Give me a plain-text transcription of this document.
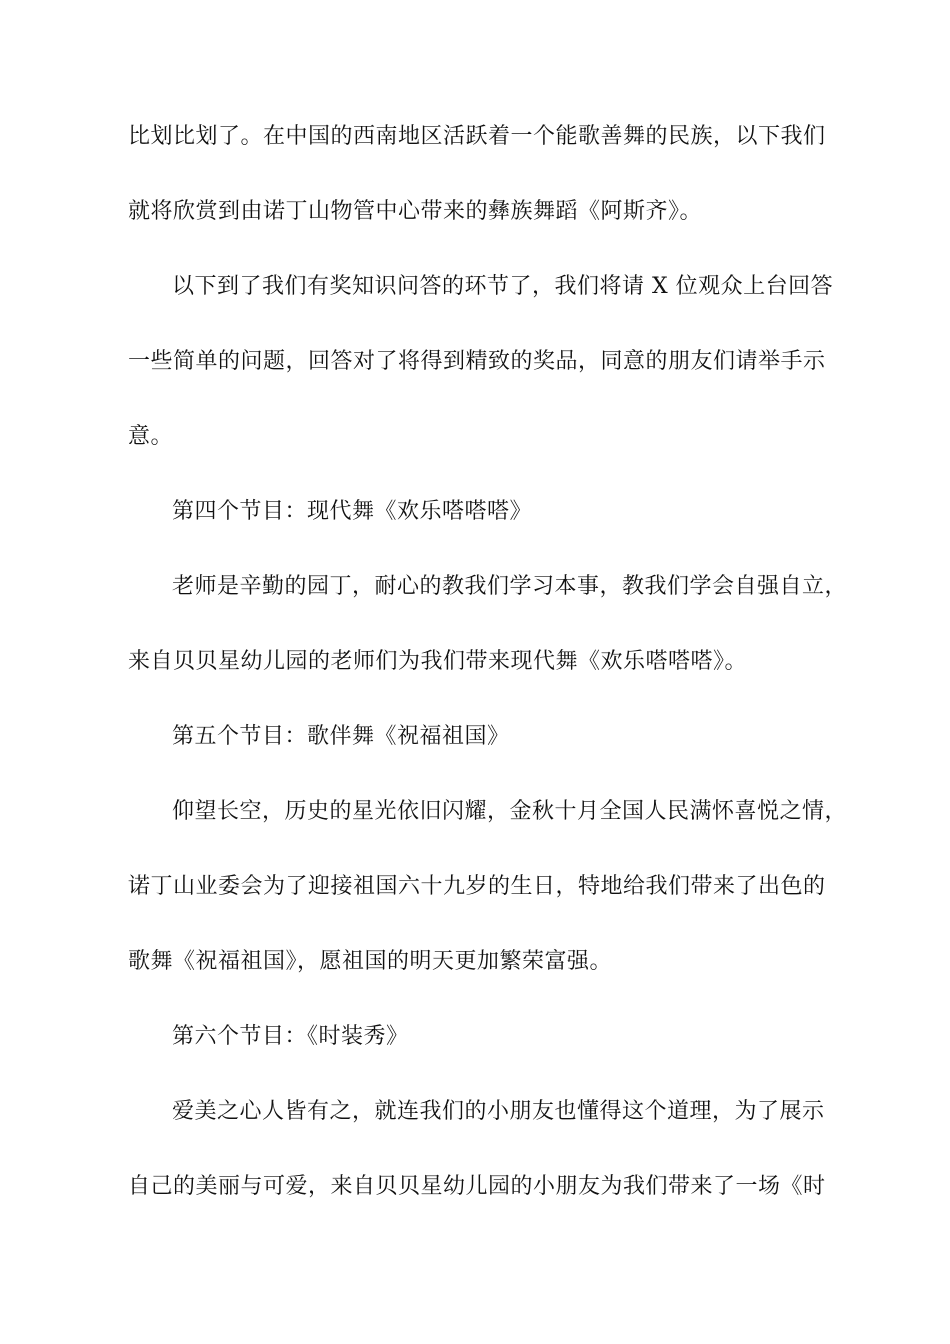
比划比划了。在中国的西南地区活跃着一个能歌善舞的民族，以下我们
就将欣赏到由诺丁山物管中心带来的彝族舞蹈《阿斯齐》。
以下到了我们有奖知识问答的环节了，我们将请 X 位观众上台回答
一些简单的问题，回答对了将得到精致的奖品，同意的朋友们请举手示
意。
第四个节目：现代舞《欢乐嗒嗒嗒》
老师是辛勤的园丁，耐心的教我们学习本事，教我们学会自强自立，
来自贝贝星幼儿园的老师们为我们带来现代舞《欢乐嗒嗒嗒》。
第五个节目：歌伴舞《祝福祖国》
仰望长空，历史的星光依旧闪耀，金秋十月全国人民满怀喜悦之情，
诺丁山业委会为了迎接祖国六十九岁的生日，特地给我们带来了出色的
歌舞《祝福祖国》，愿祖国的明天更加繁荣富强。
第六个节目：《时装秀》
爱美之心人皆有之，就连我们的小朋友也懂得这个道理，为了展示
自己的美丽与可爱，来自贝贝星幼儿园的小朋友为我们带来了一场《时
